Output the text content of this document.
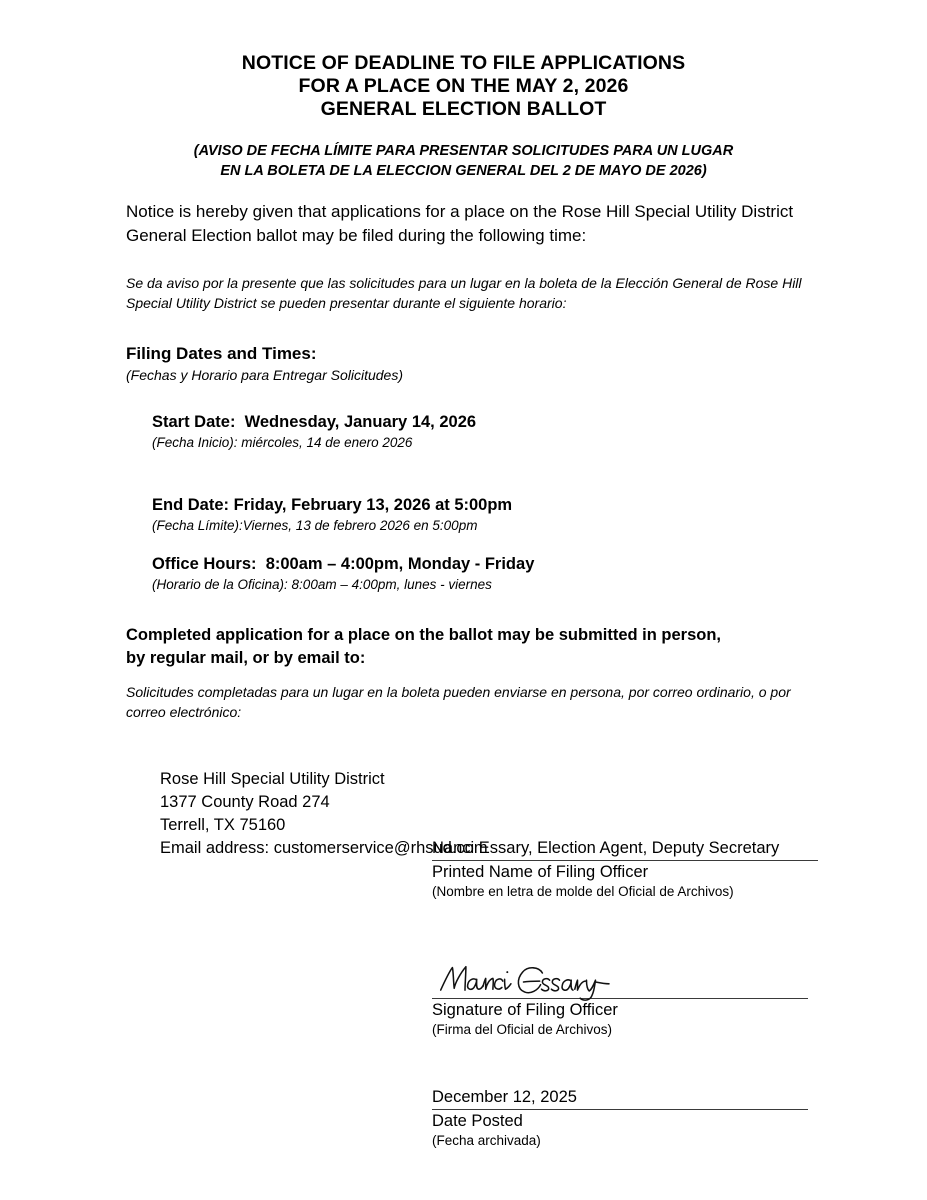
NOTICE OF DEADLINE TO FILE APPLICATIONS
FOR A PLACE ON THE MAY 2, 2026
GENERAL ELECTION BALLOT
(AVISO DE FECHA LÍMITE PARA PRESENTAR SOLICITUDES PARA UN LUGAR
EN LA BOLETA DE LA ELECCION GENERAL DEL 2 DE MAYO DE 2026)

Notice is hereby given that applications for a place on the Rose Hill Special Utility District General Election ballot may be filed during the following time:

Se da aviso por la presente que las solicitudes para un lugar en la boleta de la Elección General de Rose Hill Special Utility District se pueden presentar durante el siguiente horario:

Filing Dates and Times:

(Fechas y Horario para Entregar Solicitudes)

Start Date: Wednesday, January 14, 2026

(Fecha Inicio): miércoles, 14 de enero 2026

End Date: Friday, February 13, 2026 at 5:00pm

(Fecha Límite):Viernes, 13 de febrero 2026 en 5:00pm

Office Hours:  8:00am – 4:00pm, Monday - Friday

(Horario de la Oficina): 8:00am – 4:00pm, lunes - viernes

Completed application for a place on the ballot may be submitted in person,

by regular mail, or by email to:

Solicitudes completadas para un lugar en la boleta pueden enviarse en persona, por correo ordinario, o por correo electrónico:

Rose Hill Special Utility District
1377 County Road 274
Terrell, TX 75160
Email address: customerservice@rhsud.com
Nanci Essary, Election Agent, Deputy Secretary
Printed Name of Filing Officer
(Nombre en letra de molde del Oficial de Archivos)
Signature of Filing Officer
(Firma del Oficial de Archivos)
December 12, 2025
Date Posted
(Fecha archivada)
